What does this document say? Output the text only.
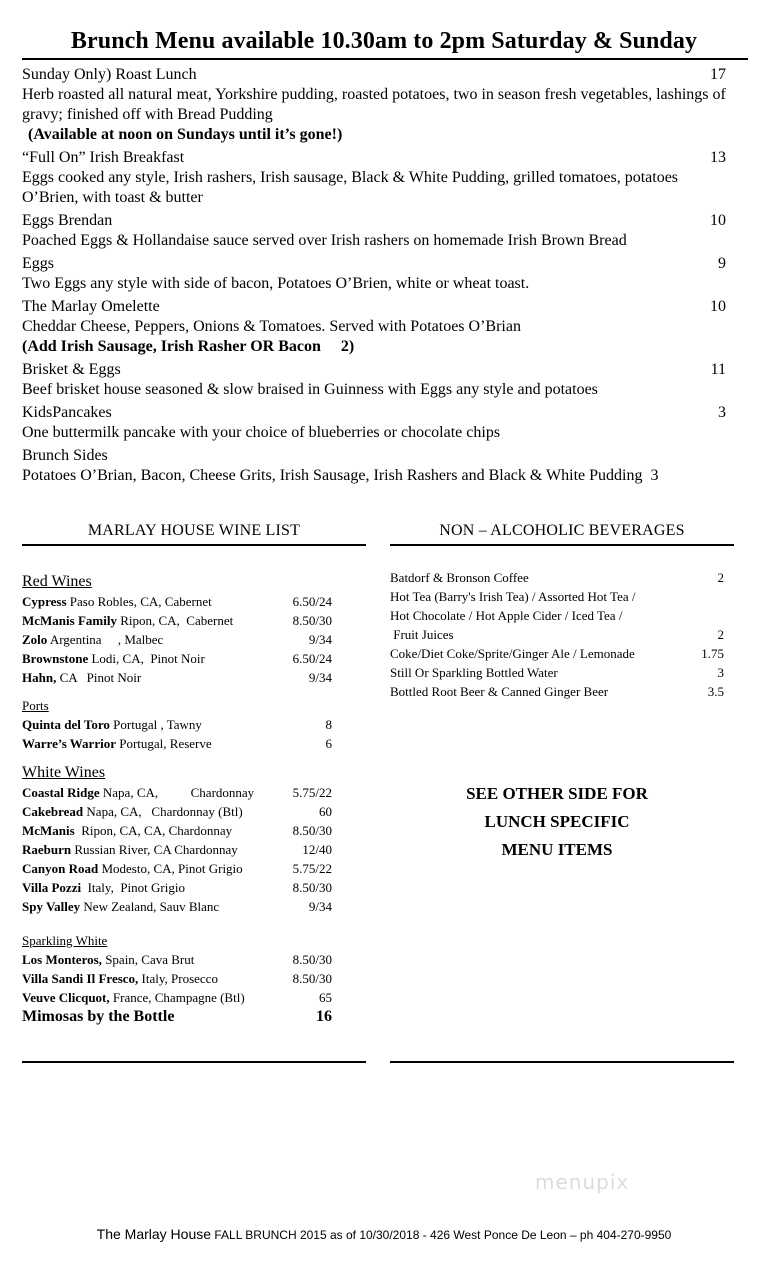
Brunch Menu available 10.30am to 2pm Saturday & Sunday
Sunday Only) Roast Lunch	17
Herb roasted all natural meat, Yorkshire pudding, roasted potatoes, two in season fresh vegetables, lashings of gravy; finished off with Bread Pudding
(Available at noon on Sundays until it’s gone!)
“Full On” Irish Breakfast	13
Eggs cooked any style, Irish rashers, Irish sausage, Black & White Pudding, grilled tomatoes, potatoes O’Brien, with toast & butter
Eggs Brendan	10
Poached Eggs & Hollandaise sauce served over Irish rashers on homemade Irish Brown Bread
Eggs	9
Two Eggs any style with side of bacon, Potatoes O’Brien, white or wheat toast.
The Marlay Omelette	10
Cheddar Cheese, Peppers, Onions & Tomatoes. Served with Potatoes O’Brian
(Add Irish Sausage, Irish Rasher OR Bacon 2)
Brisket & Eggs	11
Beef brisket house seasoned & slow braised in Guinness with Eggs any style and potatoes
KidsPancakes	3
One buttermilk pancake with your choice of blueberries or chocolate chips
Brunch Sides
Potatoes O’Brian, Bacon, Cheese Grits, Irish Sausage, Irish Rashers and Black & White Pudding 3
MARLAY HOUSE WINE LIST
Red Wines
Cypress Paso Robles, CA, Cabernet	6.50/24
McManis Family Ripon, CA,  Cabernet	8.50/30
Zolo Argentina     , Malbec	9/34
Brownstone Lodi, CA,  Pinot Noir	6.50/24
Hahn, CA   Pinot Noir	9/34
Ports
Quinta del Toro Portugal , Tawny	8
Warre’s Warrior Portugal, Reserve	6
White Wines
Coastal Ridge Napa, CA,          Chardonnay	5.75/22
Cakebread Napa, CA,   Chardonnay (Btl)	60
McManis  Ripon, CA, CA, Chardonnay	8.50/30
Raeburn Russian River, CA Chardonnay	12/40
Canyon Road Modesto, CA, Pinot Grigio	5.75/22
Villa Pozzi  Italy,  Pinot Grigio	8.50/30
Spy Valley New Zealand, Sauv Blanc	9/34
Sparkling White
Los Monteros, Spain, Cava Brut	8.50/30
Villa Sandi Il Fresco, Italy, Prosecco	8.50/30
Veuve Clicquot, France, Champagne (Btl)	65
Mimosas by the Bottle	16
NON – ALCOHOLIC BEVERAGES
Batdorf & Bronson Coffee	2
Hot Tea (Barry's Irish Tea) / Assorted Hot Tea /
Hot Chocolate / Hot Apple Cider / Iced Tea /
Fruit Juices	2
Coke/Diet Coke/Sprite/Ginger Ale / Lemonade	1.75
Still Or Sparkling Bottled Water	3
Bottled Root Beer & Canned Ginger Beer	3.5
SEE OTHER SIDE FOR
LUNCH SPECIFIC
MENU ITEMS
menupix
The Marlay House FALL BRUNCH 2015 as of 10/30/2018 - 426 West Ponce De Leon – ph 404-270-9950
